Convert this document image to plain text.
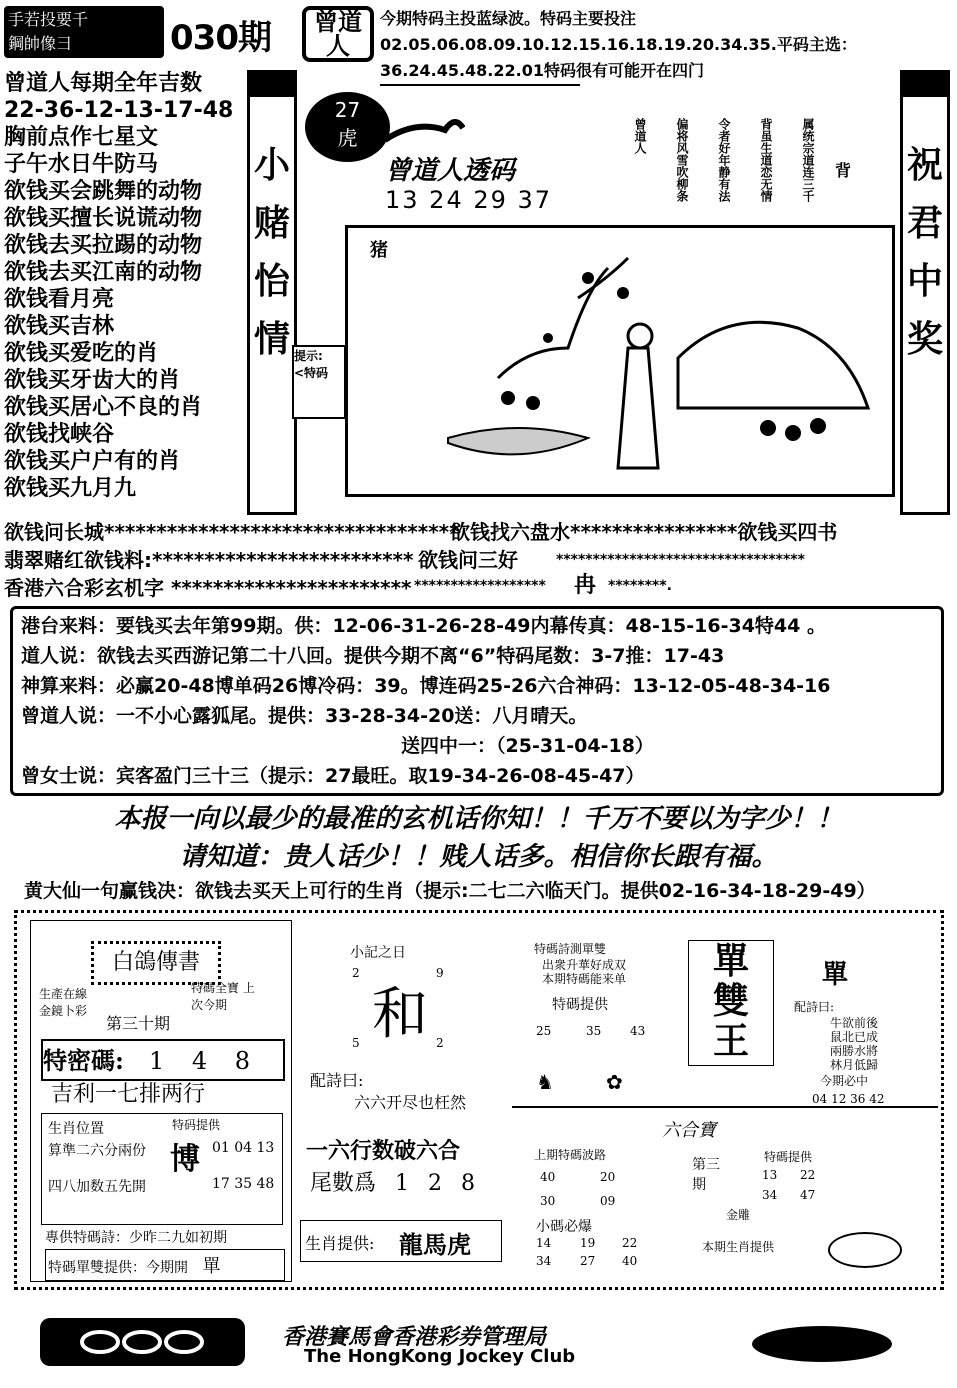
手若投要千
鋼帥像彐	030期	曾道人
今期特码主投蓝绿波。特码主要投注02.05.06.08.09.10.12.15.16.18.19.20.34.35.平码主选：36.24.45.48.22.01特码很有可能开在四门
曾道人每期全年吉数
22-36-12-13-17-48
胸前点作七星文
子午水日牛防马
欲钱买会跳舞的动物
欲钱买擅长说谎动物
欲钱去买拉踢的动物
欲钱去买江南的动物
欲钱看月亮
欲钱买吉林
欲钱买爱吃的肖
欲钱买牙齿大的肖
欲钱买居心不良的肖
欲钱找峡谷
欲钱买户户有的肖
欲钱买九月九
小
赌
怡
情 提示:
<特码
祝
君
中
奖
27
虎
曾道人透码
13 24 29 37
背
属统宗道连三千
背虽生道恋无情
令者好年静有法
偏将风雪吹柳条
曾道人
猪
欲钱问长城**********************************
欲钱找六盘水****************欲钱买四书
翡翠赌红欲钱料:************************* 欲钱问三好	**********************************
香港六合彩玄机字 *********************** ****************** 冉 ********.
港台来料：要钱买去年第99期。供：12-06-31-26-28-49内幕传真：48-15-16-34特44 。
道人说：欲钱去买西游记第二十八回。提供今期不离“6”特码尾数：3-7推：17-43
神算来料：必赢20-48博单码26博冷码：39。博连码25-26六合神码：13-12-05-48-34-16
曾道人说：一不小心露狐尾。提供：33-28-34-20送：八月晴天。
送四中一：（25-31-04-18）
曾女士说：宾客盈门三十三（提示：27最旺。取19-34-26-08-45-47）
本报一向以最少的最准的玄机话你知！！千万不要以为字少！！
请知道：贵人话少！！贱人话多。相信你长跟有福。
黄大仙一句赢钱决：欲钱去买天上可行的生肖（提示:二七二六临天门。提供02-16-34-18-29-49）
白鴿傳書
生產在線 金鏡卜彩
特碼全寶 上次今期
第三十期
特密碼: 1 4 8
吉利一七排两行
生肖位置
算準二六分兩份
四八加数五先開
特码提供
博 01 04 13
17 35 48
專供特碼詩：少昨二九如初期
特碼單雙提供：今期開 單
小記之日
2	9
和
5	2
配詩曰:
六六开尽也枉然
一六行数破六合
尾數爲 1 2 8
生肖提供: 龍馬虎
特碼詩測單雙
出衆升華好成双
本期特碼能来单
特碼提供
25	35 43
單
雙
王
單
配詩曰:
牛欲前後
鼠北已成
兩勝水將
林月低歸
今期必中
04 12 36 42
♞	✿
六合寶
上期特碼波路
40	20
30	09
第三期
金雕
特碼提供
13 22
34 47
小碼必爆
14 19 22
34 27 40
本期生肖提供
香港賽馬會香港彩券管理局
The HongKong Jockey Club
